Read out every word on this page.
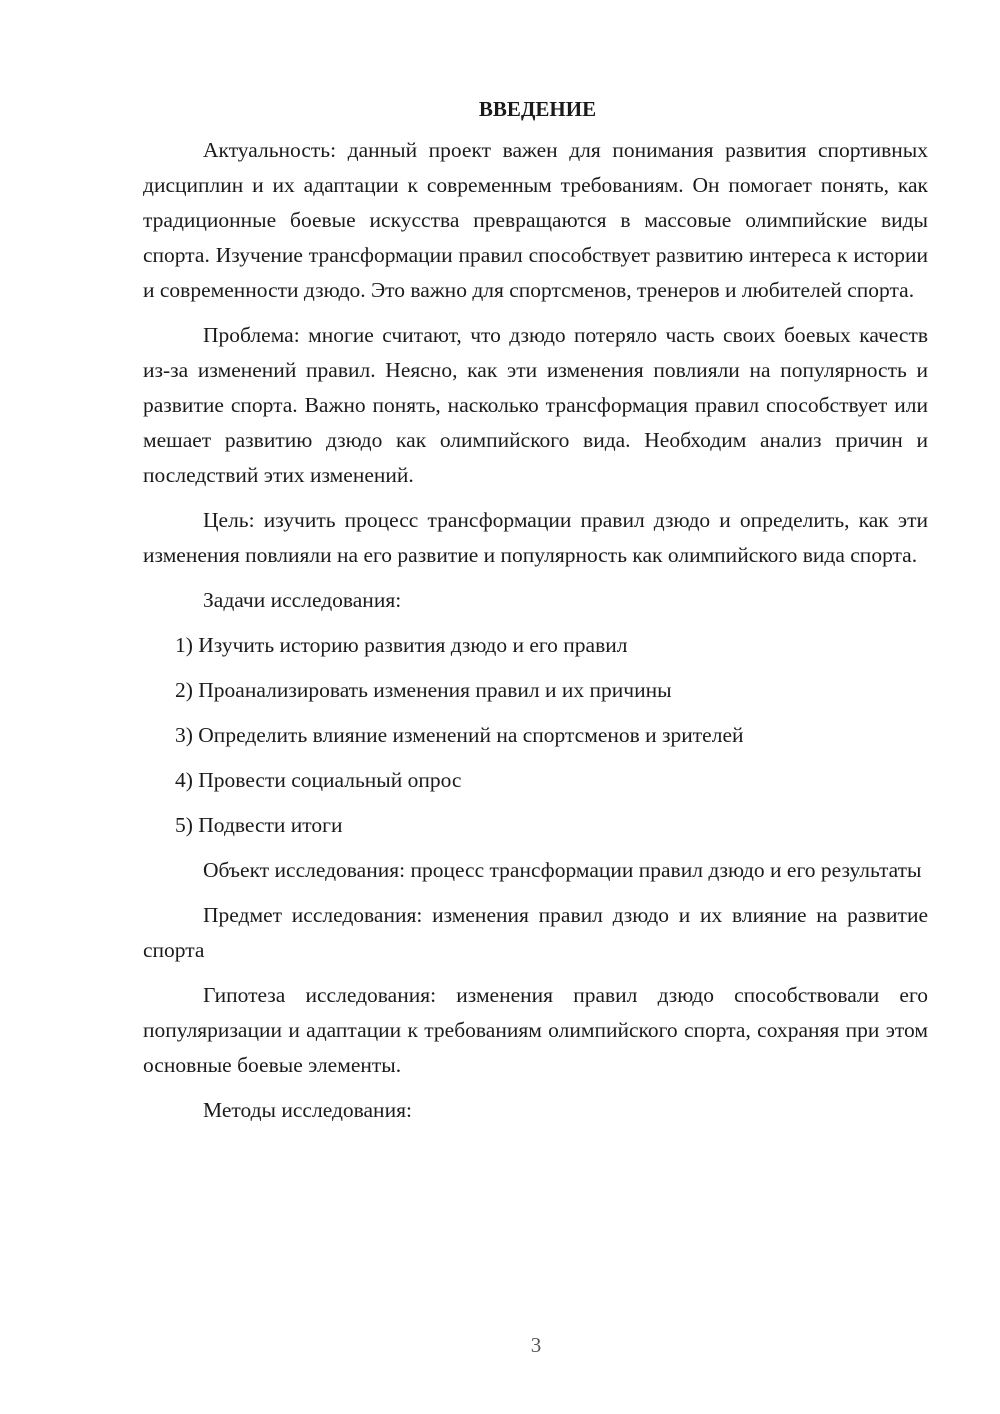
ВВЕДЕНИЕ

Актуальность: данный проект важен для понимания развития спортивных дисциплин и их адаптации к современным требованиям. Он помогает понять, как традиционные боевые искусства превращаются в массовые олимпийские виды спорта. Изучение трансформации правил способствует развитию интереса к истории и современности дзюдо. Это важно для спортсменов, тренеров и любителей спорта.

Проблема: многие считают, что дзюдо потеряло часть своих боевых качеств из-за изменений правил. Неясно, как эти изменения повлияли на популярность и развитие спорта. Важно понять, насколько трансформация правил способствует или мешает развитию дзюдо как олимпийского вида. Необходим анализ причин и последствий этих изменений.

Цель: изучить процесс трансформации правил дзюдо и определить, как эти изменения повлияли на его развитие и популярность как олимпийского вида спорта.

Задачи исследования:

1) Изучить историю развития дзюдо и его правил

2) Проанализировать изменения правил и их причины

3) Определить влияние изменений на спортсменов и зрителей

4) Провести социальный опрос

5) Подвести итоги

Объект исследования: процесс трансформации правил дзюдо и его результаты

Предмет исследования: изменения правил дзюдо и их влияние на развитие спорта

Гипотеза исследования: изменения правил дзюдо способствовали его популяризации и адаптации к требованиям олимпийского спорта, сохраняя при этом основные боевые элементы.

Методы исследования:

3
